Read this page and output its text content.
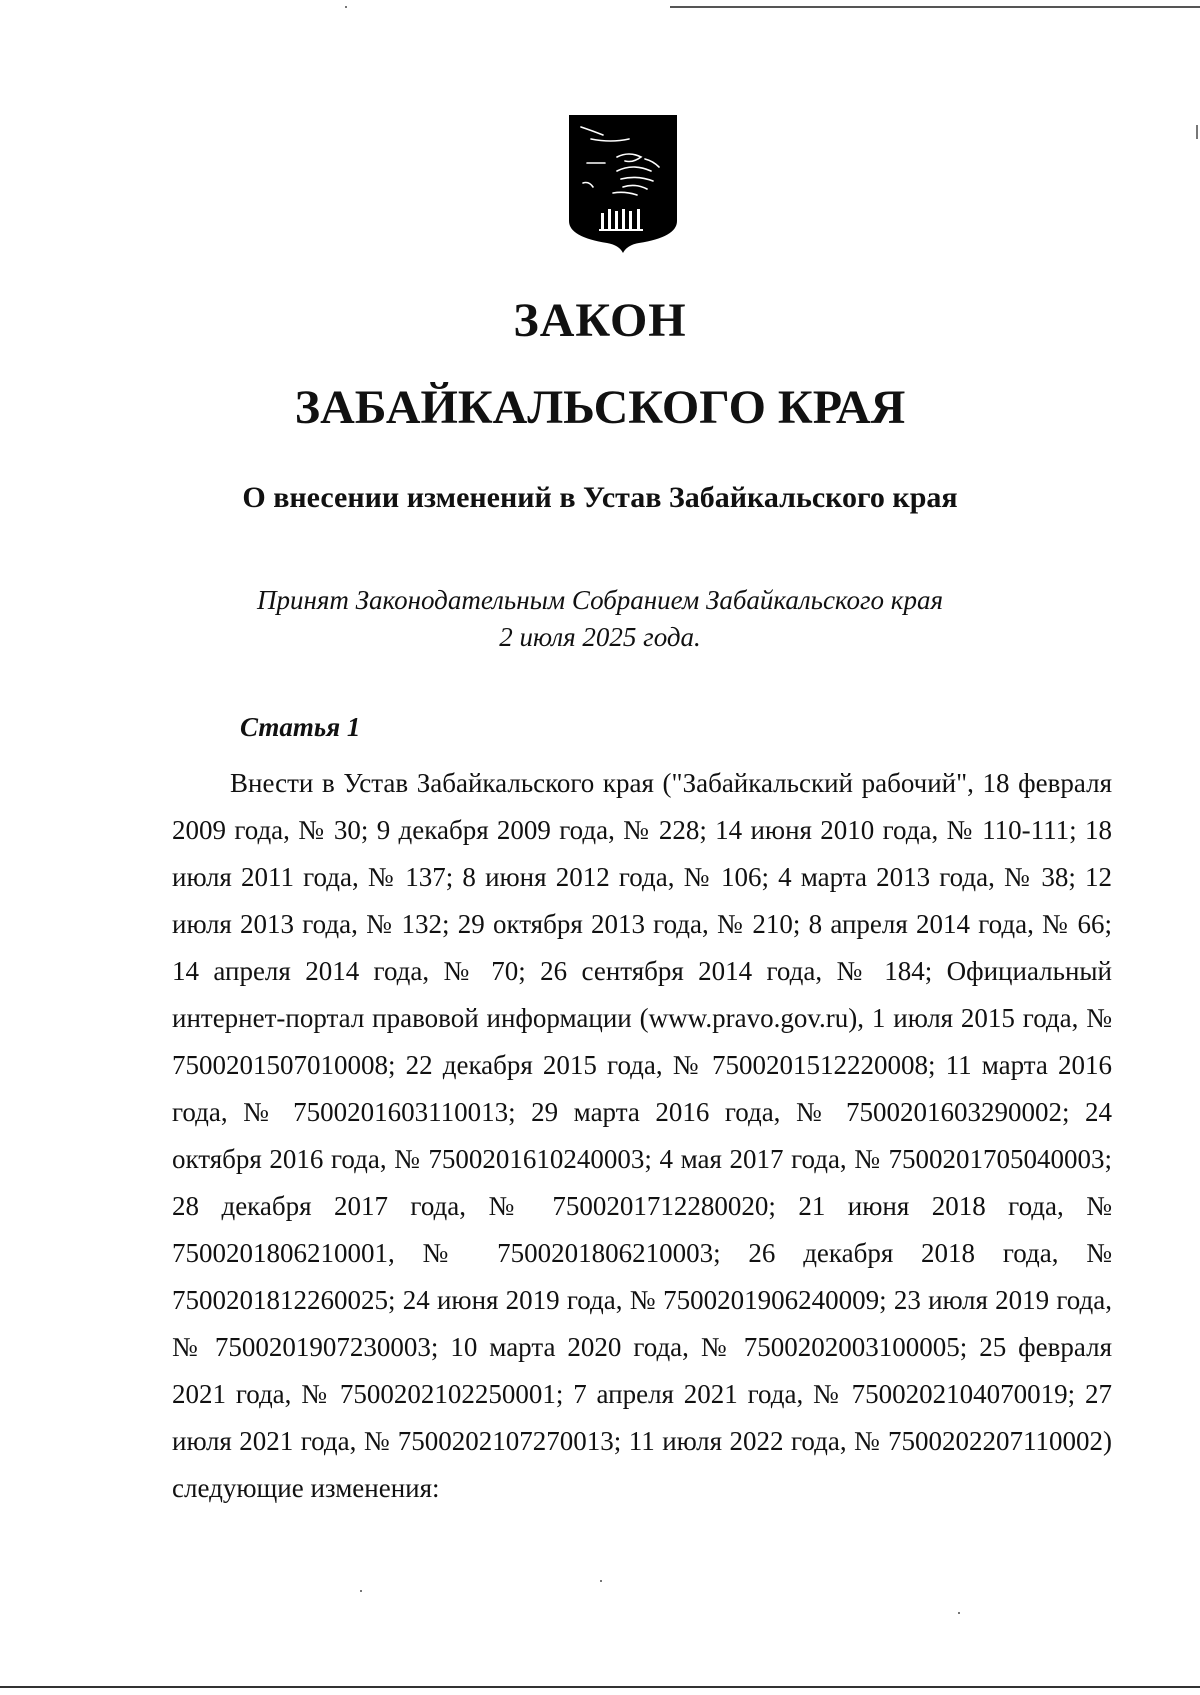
ЗАКОН
ЗАБАЙКАЛЬСКОГО КРАЯ
О внесении изменений в Устав Забайкальского края
Принят Законодательным Собранием Забайкальского края
2 июля 2025 года.
Статья 1

Внести в Устав Забайкальского края ("Забайкальский рабочий", 18 февраля 2009 года, № 30; 9 декабря 2009 года, № 228; 14 июня 2010 года, № 110-111; 18 июля 2011 года, № 137; 8 июня 2012 года, № 106; 4 марта 2013 года, № 38; 12 июля 2013 года, № 132; 29 октября 2013 года, № 210; 8 апреля 2014 года, № 66; 14 апреля 2014 года, № 70; 26 сентября 2014 года, № 184; Официальный интернет-портал правовой информации (www.pravo.gov.ru), 1 июля 2015 года, № 7500201507010008; 22 декабря 2015 года, № 7500201512220008; 11 марта 2016 года, № 7500201603110013; 29 марта 2016 года, № 7500201603290002; 24 октября 2016 года, № 7500201610240003; 4 мая 2017 года, № 7500201705040003; 28 декабря 2017 года, № 7500201712280020; 21 июня 2018 года, № 7500201806210001, № 7500201806210003; 26 декабря 2018 года, № 7500201812260025; 24 июня 2019 года, № 7500201906240009; 23 июля 2019 года, № 7500201907230003; 10 марта 2020 года, № 7500202003100005; 25 февраля 2021 года, № 7500202102250001; 7 апреля 2021 года, № 7500202104070019; 27 июля 2021 года, № 7500202107270013; 11 июля 2022 года, № 7500202207110002) следующие изменения:
